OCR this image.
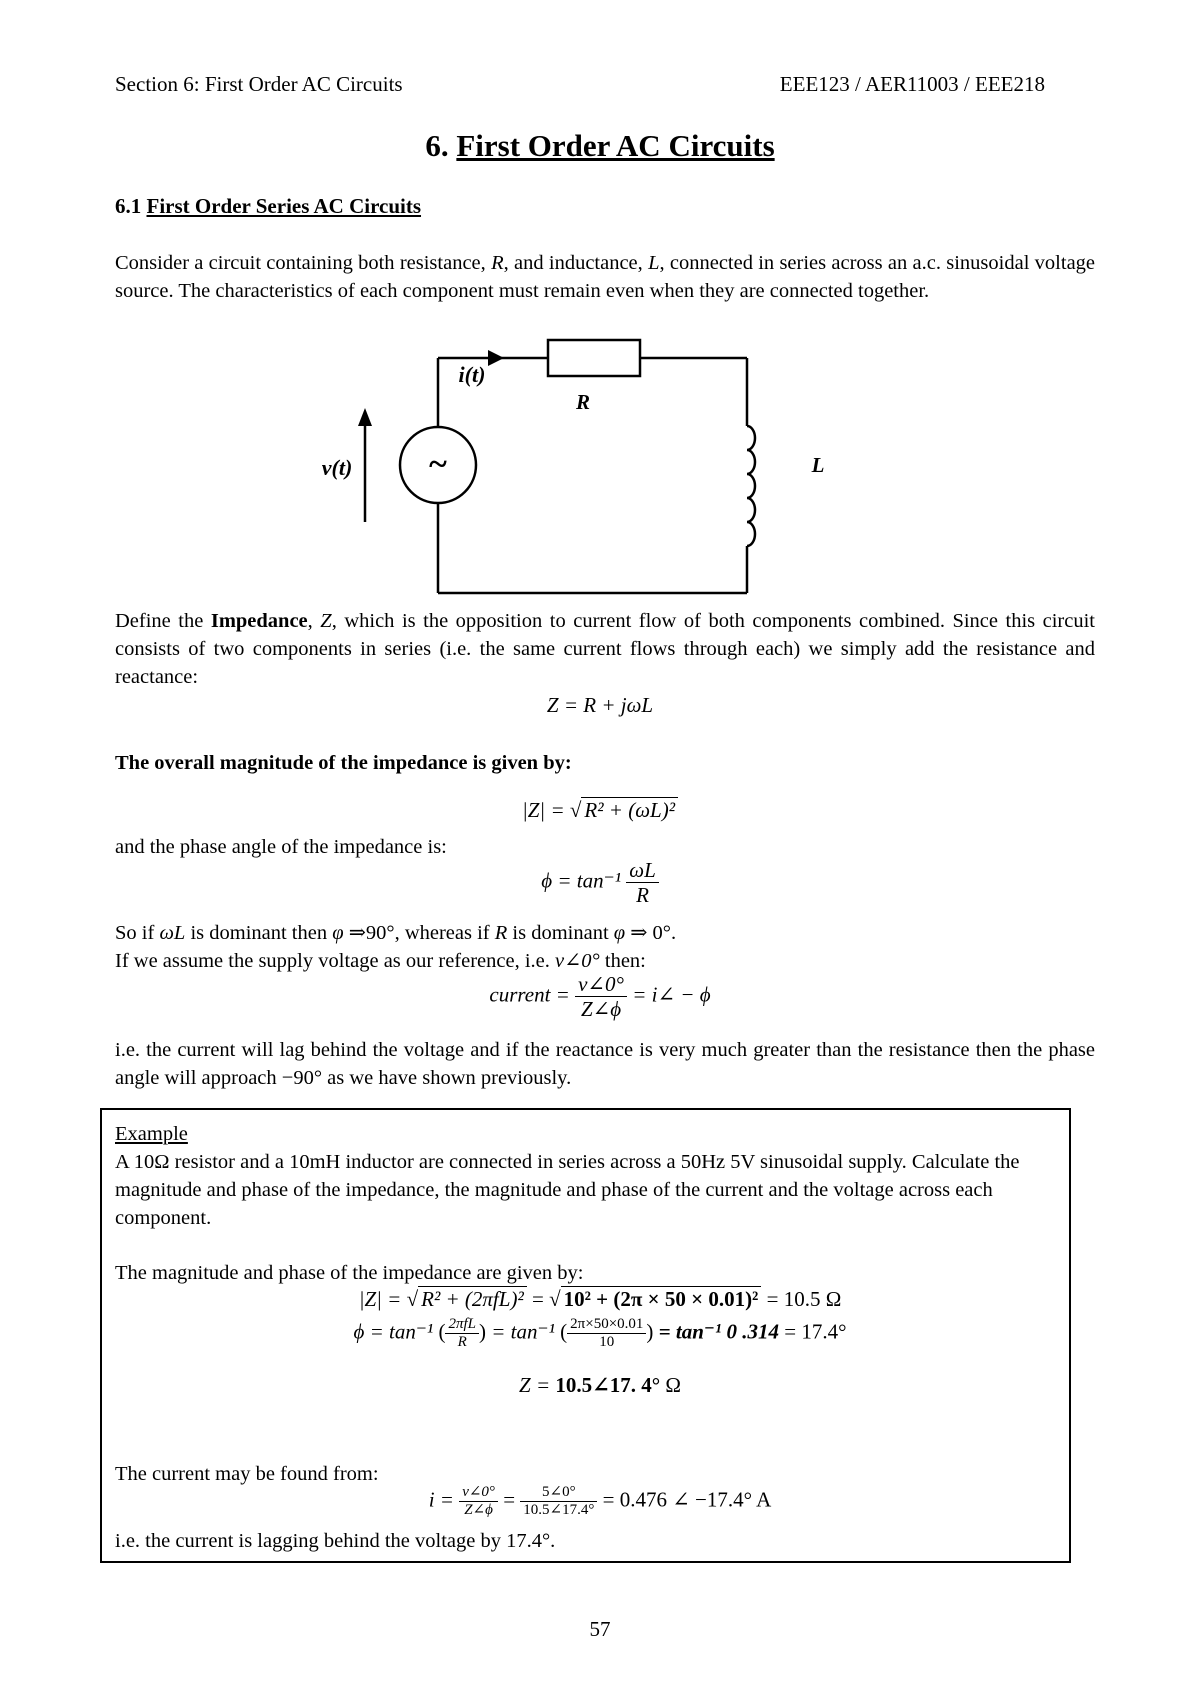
Section 6: First Order AC Circuits	EEE123 / AER11003 / EEE218
6. First Order AC Circuits
6.1 First Order Series AC Circuits
Consider a circuit containing both resistance, R, and inductance, L, connected in series across an a.c. sinusoidal voltage source. The characteristics of each component must remain even when they are connected together.
~
i(t)
R
L
v(t)
Define the Impedance, Z, which is the opposition to current flow of both components combined. Since this circuit consists of two components in series (i.e. the same current flows through each) we simply add the resistance and reactance:
Z = R + jωL
The overall magnitude of the impedance is given by:
|Z| = √ R² + (ωL)²
and the phase angle of the impedance is:
$\phi = \tan^{-1} \frac{\omega L}{R}$
So if ωL is dominant then φ ⇒90°, whereas if R is dominant φ ⇒ 0°.
If we assume the supply voltage as our reference, i.e. v∠0° then:
current = $\frac{v\angle 0^\circ}{Z\angle\phi}$ = i∠ − ϕ
i.e. the current will lag behind the voltage and if the reactance is very much greater than the resistance then the phase angle will approach −90° as we have shown previously.
Example
A 10Ω resistor and a 10mH inductor are connected in series across a 50Hz 5V sinusoidal supply. Calculate the magnitude and phase of the impedance, the magnitude and phase of the current and the voltage across each component.
The magnitude and phase of the impedance are given by:
|Z| = √ R² + (2πfL)² = √ 10² + (2π × 50 × 0.01)² = 10.5 Ω
ϕ = tan⁻¹ ( $\frac{\text{2πfL}}{R}$ ) = tan⁻¹ ( $\frac{2\pi\times 50\times 0.01}{10}$ ) = tan⁻¹ 0 .314 = 17.4°
Z = 10.5∠17. 4° Ω
The current may be found from:
$i = \frac{v\angle 0^\circ}{Z\angle\phi} = \frac{5\angle 0^\circ}{10.5\angle 17.4^\circ} = 0.476$ ∠ −17.4° A
i.e. the current is lagging behind the voltage by 17.4°.
57
